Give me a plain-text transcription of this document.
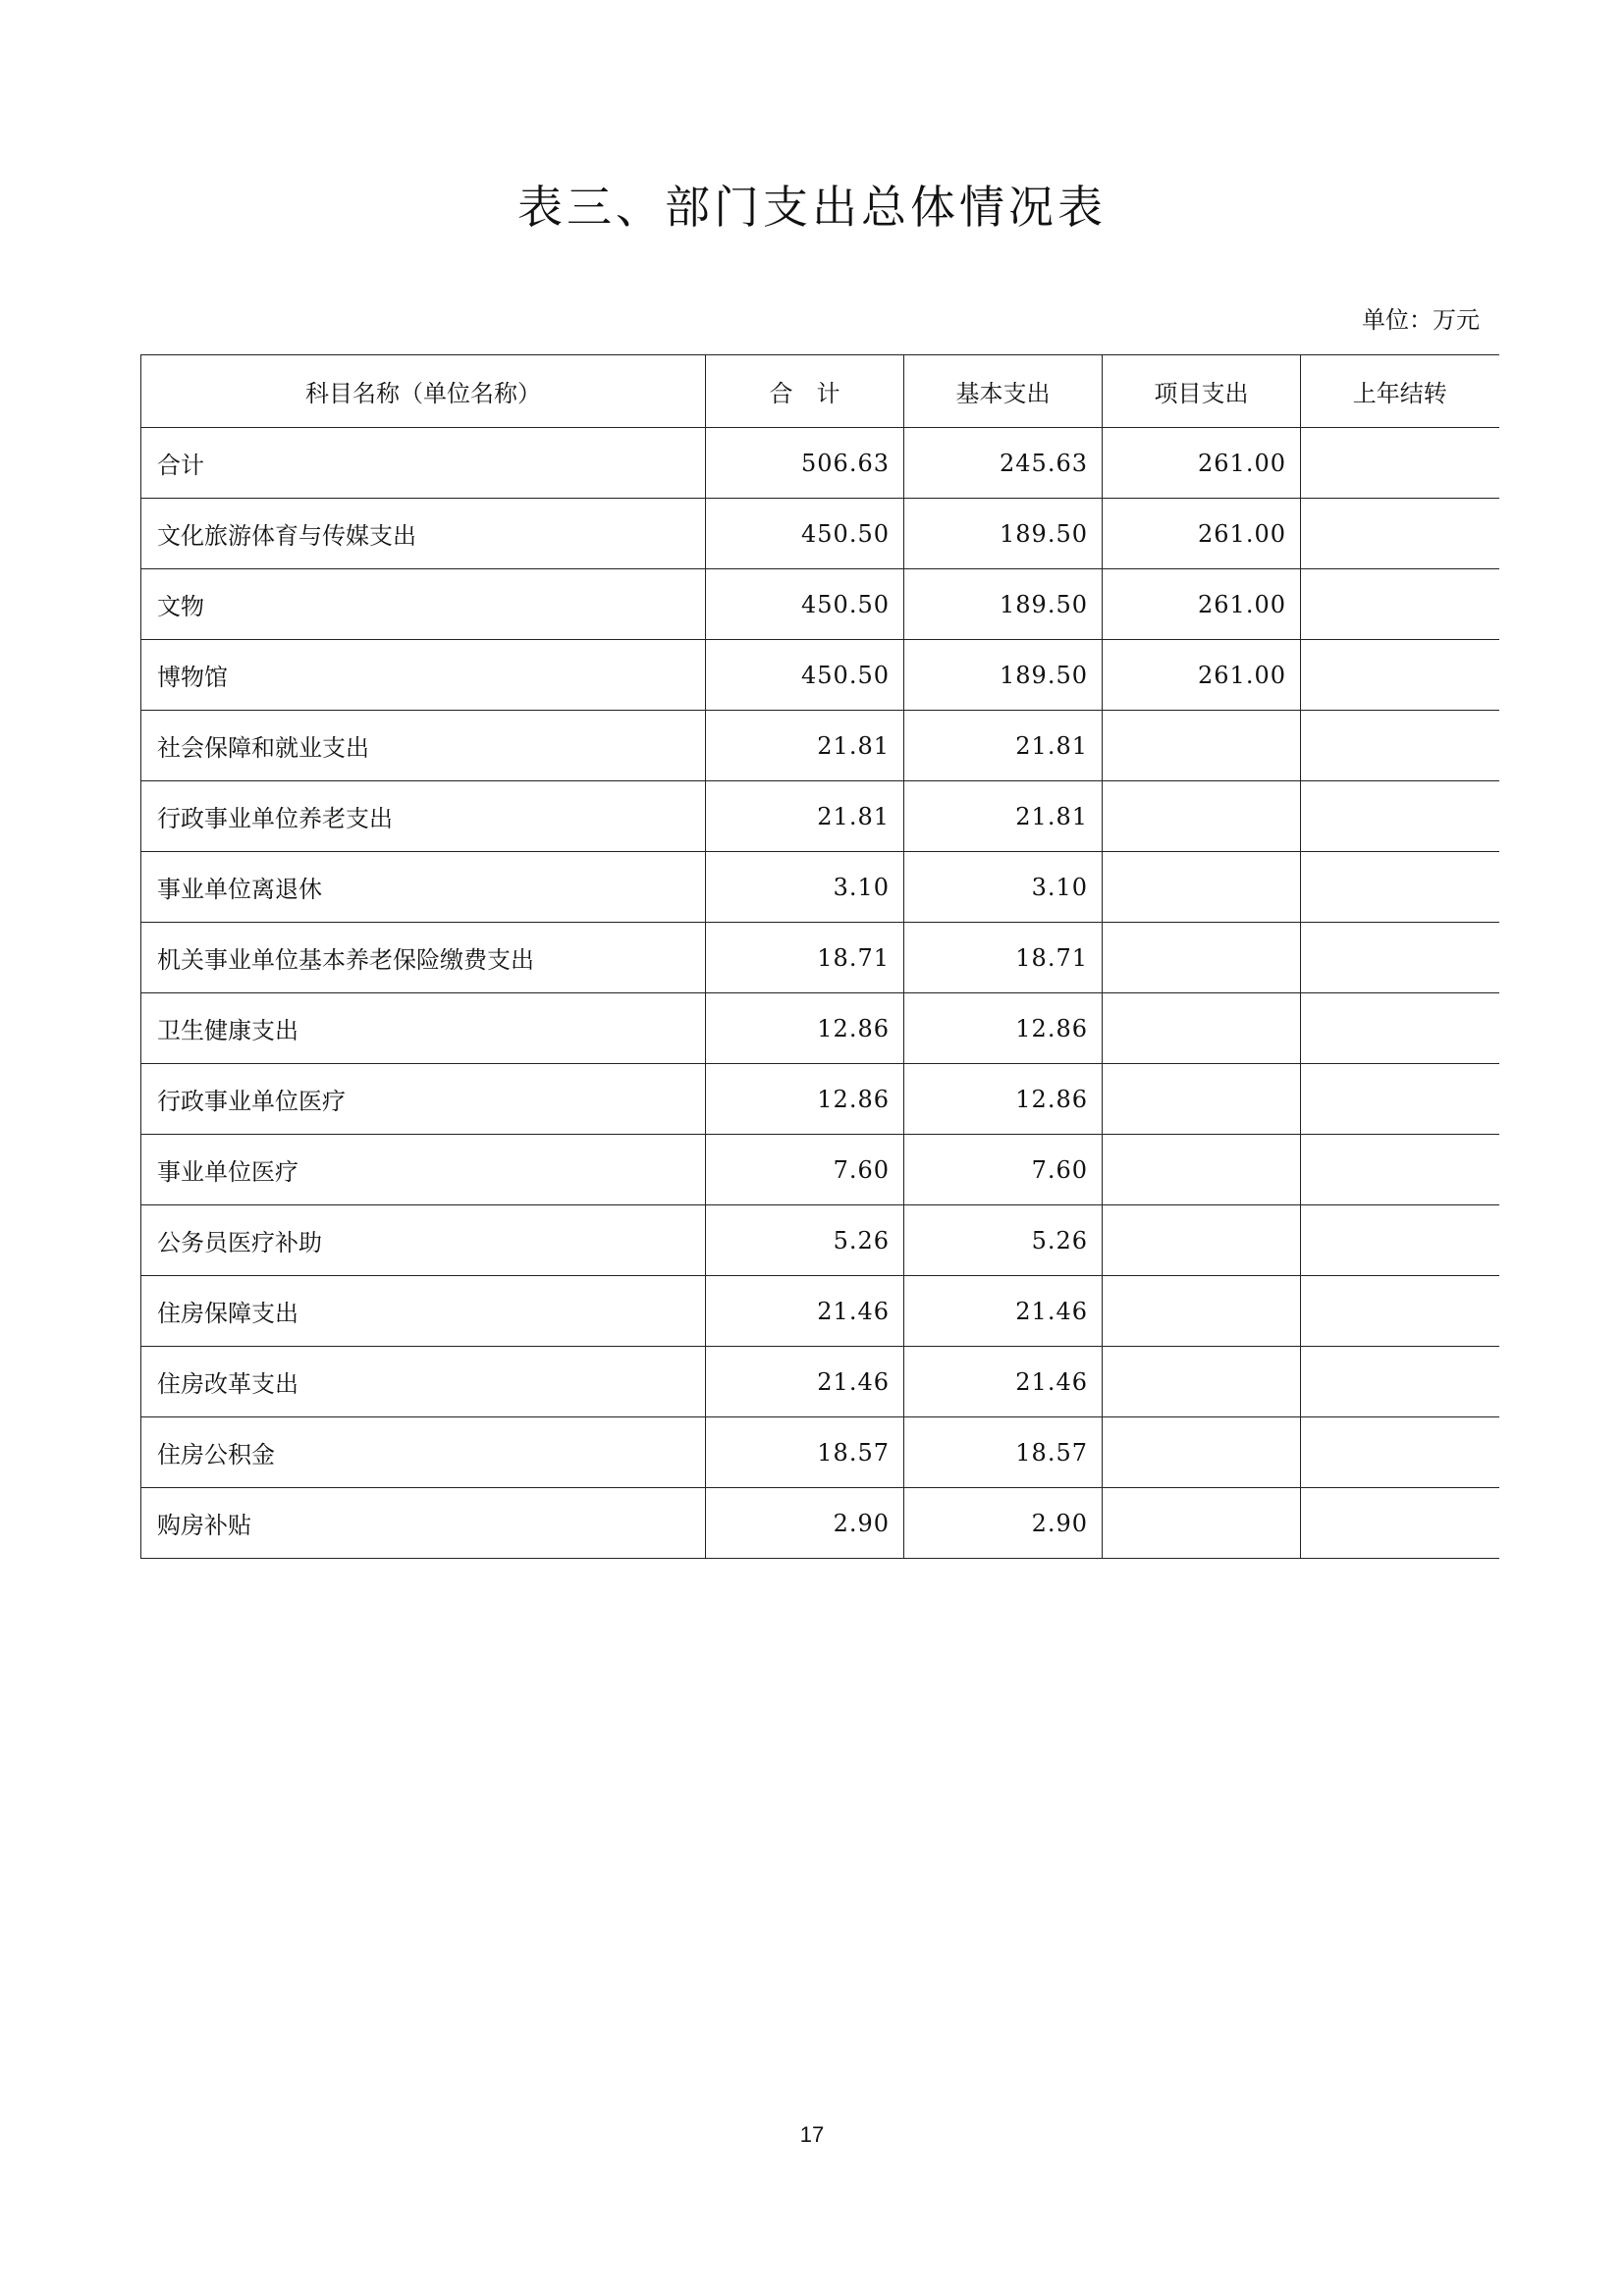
表三、部门支出总体情况表
单位：万元
科目名称（单位名称）	合　计	基本支出	项目支出	上年结转
合计	506.63	245.63	261.00	
文化旅游体育与传媒支出	450.50	189.50	261.00	
文物	450.50	189.50	261.00	
博物馆	450.50	189.50	261.00	
社会保障和就业支出	21.81	21.81		
行政事业单位养老支出	21.81	21.81		
事业单位离退休	3.10	3.10		
机关事业单位基本养老保险缴费支出	18.71	18.71		
卫生健康支出	12.86	12.86		
行政事业单位医疗	12.86	12.86		
事业单位医疗	7.60	7.60		
公务员医疗补助	5.26	5.26		
住房保障支出	21.46	21.46		
住房改革支出	21.46	21.46		
住房公积金	18.57	18.57		
购房补贴	2.90	2.90		
17
